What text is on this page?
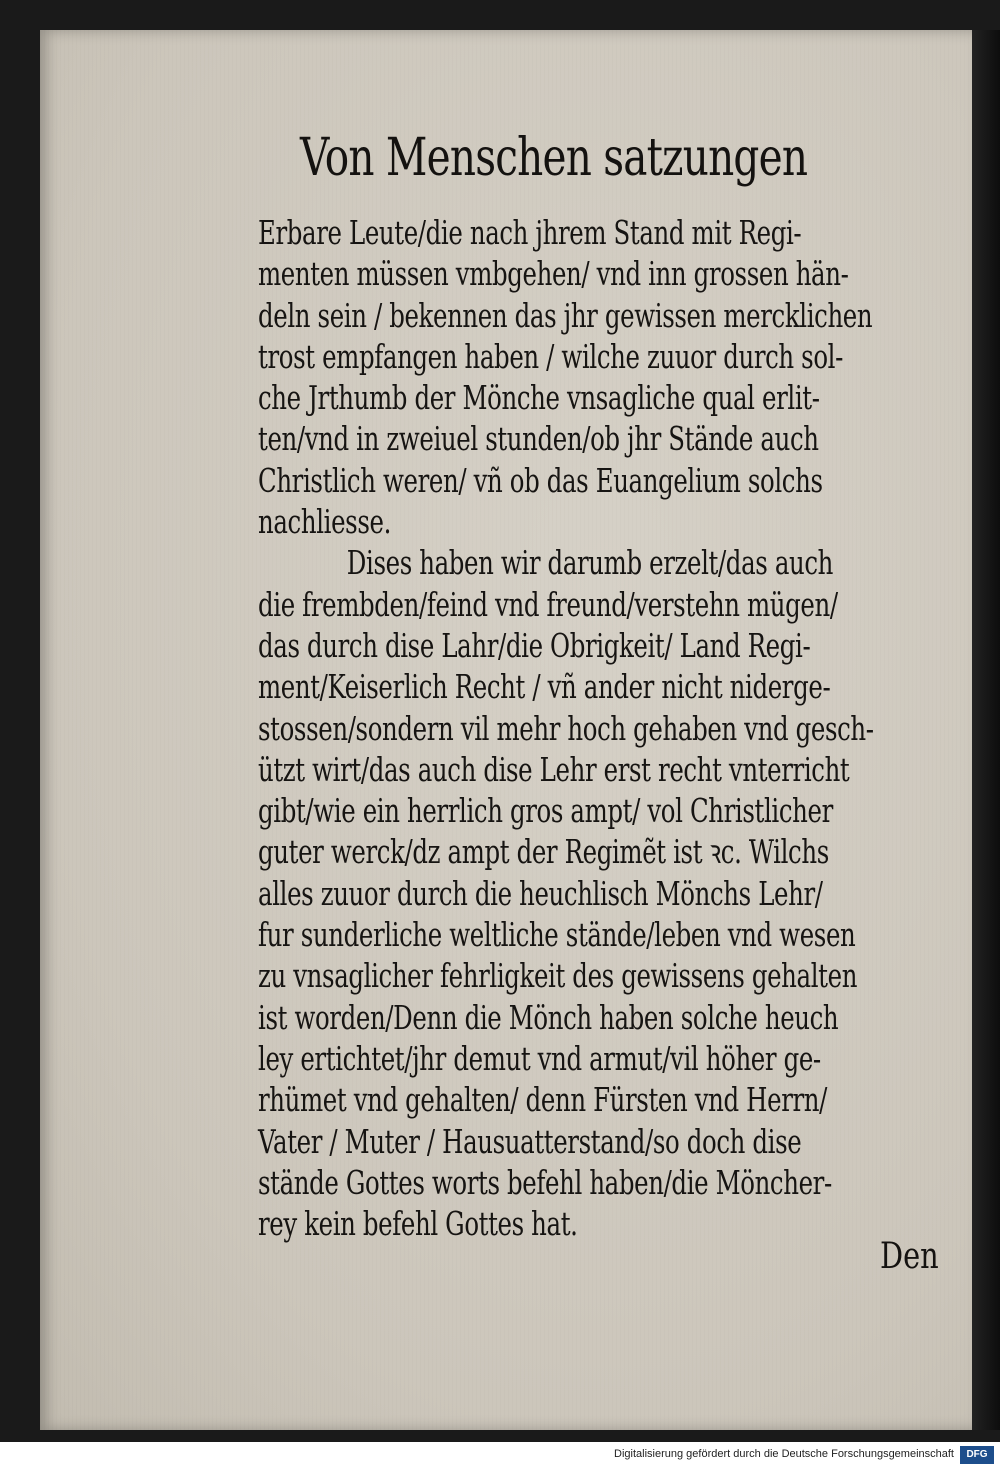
Von Menschen satzungen
Erbare Leute/die nach jhrem Stand mit Regi-
menten müssen vmbgehen/ vnd inn grossen hän-
deln sein / bekennen das jhr gewissen mercklichen
trost empfangen haben / wilche zuuor durch sol-
che Jrthumb der Mönche vnsagliche qual erlit-
ten/vnd in zweiuel stunden/ob jhr Stände auch
Christlich weren/ vñ ob das Euangelium solchs
nachliesse.
Dises haben wir darumb erzelt/das auch
die frembden/feind vnd freund/verstehn mügen/
das durch dise Lahr/die Obrigkeit/ Land Regi-
ment/Keiserlich Recht / vñ ander nicht niderge-
stossen/sondern vil mehr hoch gehaben vnd gesch-
ützt wirt/das auch dise Lehr erst recht vnterricht
gibt/wie ein herrlich gros ampt/ vol Christlicher
guter werck/dz ampt der Regimẽt ist ꝛc. Wilchs
alles zuuor durch die heuchlisch Mönchs Lehr/
fur sunderliche weltliche stände/leben vnd wesen
zu vnsaglicher fehrligkeit des gewissens gehalten
ist worden/Denn die Mönch haben solche heuch
ley ertichtet/jhr demut vnd armut/vil höher ge-
rhümet vnd gehalten/ denn Fürsten vnd Herrn/
Vater / Muter / Hausuatterstand/so doch dise
stände Gottes worts befehl haben/die Möncher-
rey kein befehl Gottes hat.
Den
Digitalisierung gefördert durch die Deutsche Forschungsgemeinschaft	DFG
